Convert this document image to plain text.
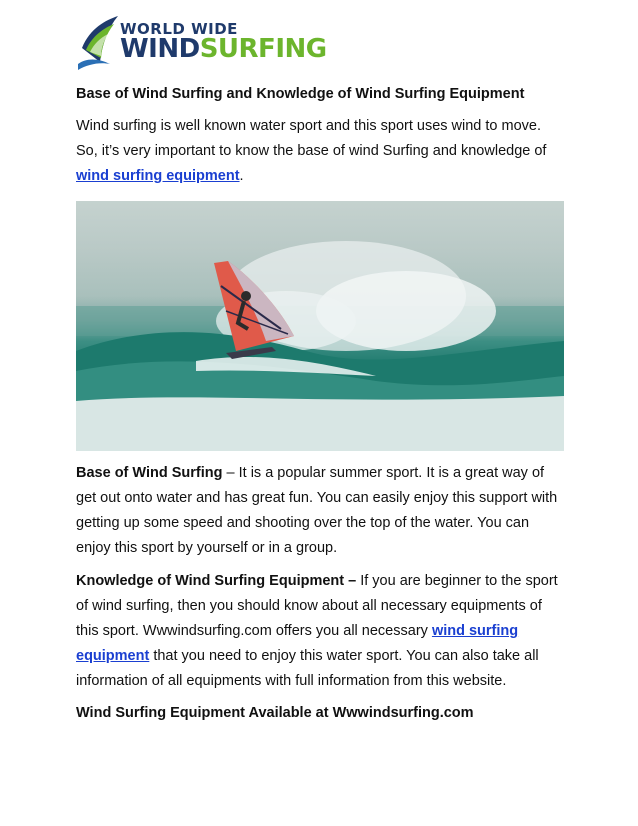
WORLD WIDE
WINDSURFING

Base of Wind Surfing and Knowledge of Wind Surfing Equipment

Wind surfing is well known water sport and this sport uses wind to move. So, it’s very important to know the base of wind Surfing and knowledge of wind surfing equipment.

Base of Wind Surfing – It is a popular summer sport. It is a great way of get out onto water and has great fun. You can easily enjoy this support with getting up some speed and shooting over the top of the water. You can enjoy this sport by yourself or in a group.

Knowledge of Wind Surfing Equipment – If you are beginner to the sport of wind surfing, then you should know about all necessary equipments of this sport. Wwwindsurfing.com offers you all necessary wind surfing equipment that you need to enjoy this water sport. You can also take all information of all equipments with full information from this website.

Wind Surfing Equipment Available at Wwwindsurfing.com
